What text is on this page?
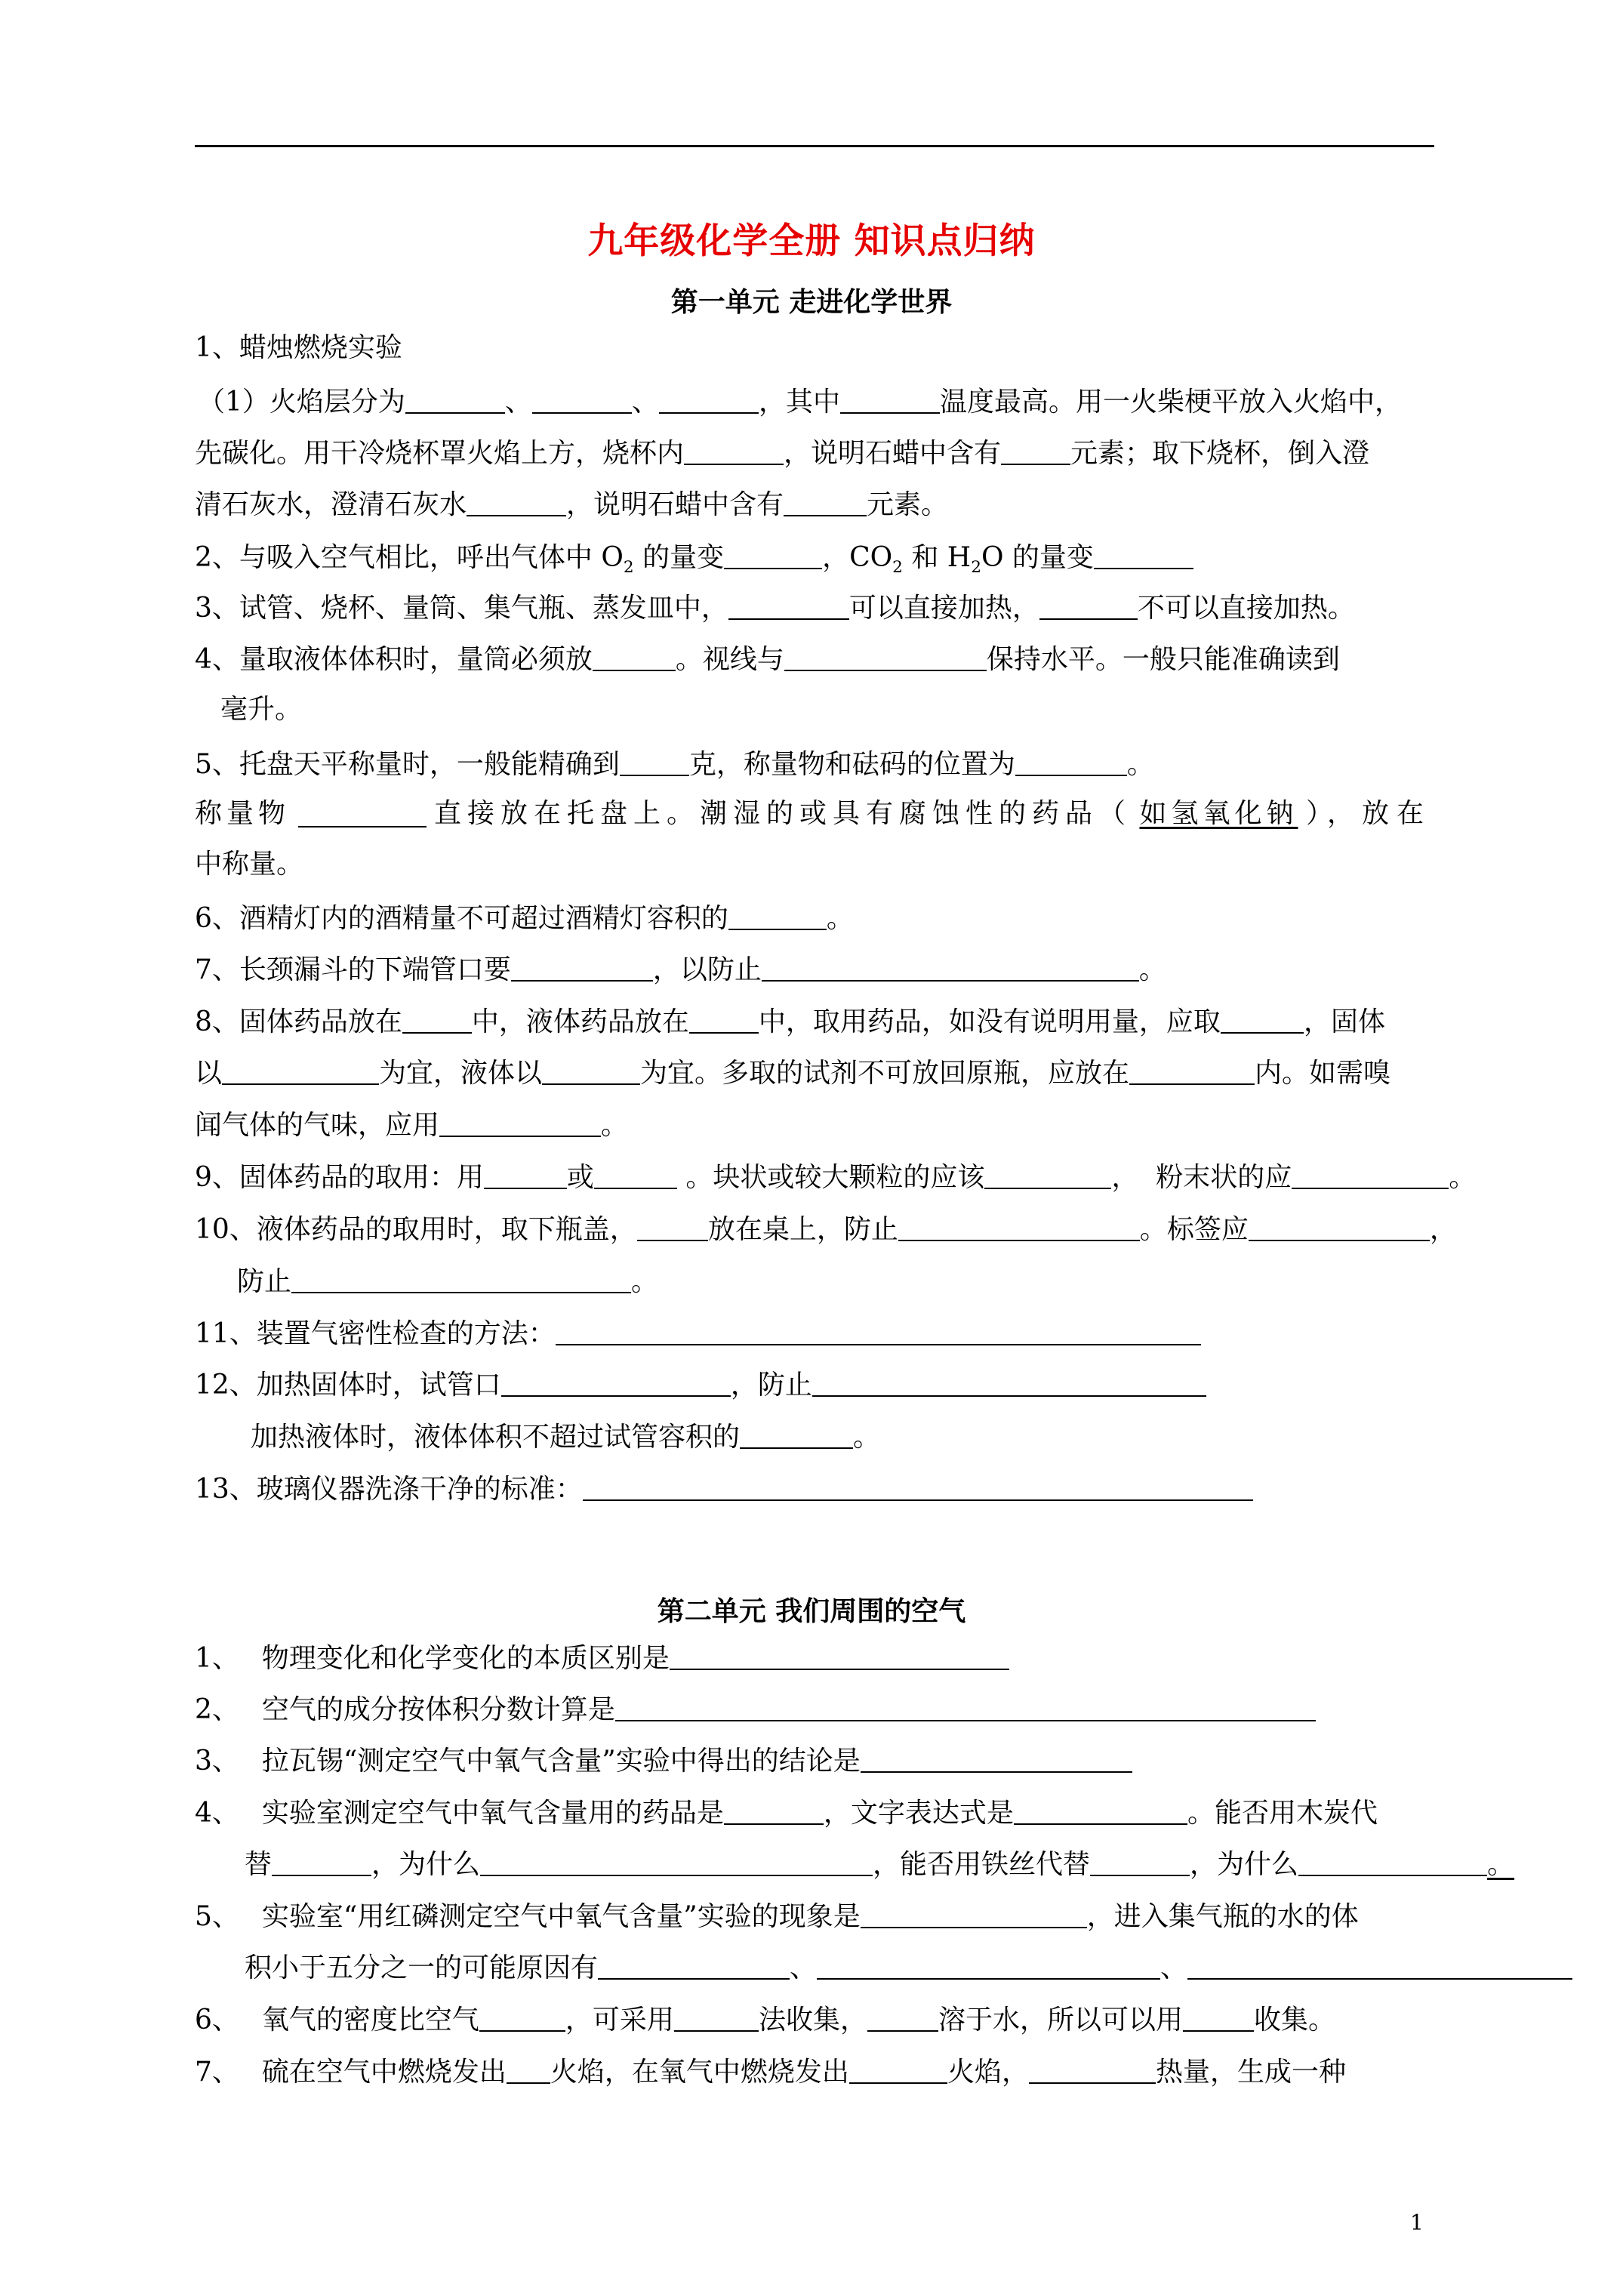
九年级化学全册 知识点归纳
第一单元 走进化学世界
1、蜡烛燃烧实验
（1）火焰层分为	、	、	，其中	温度最高。用一火柴梗平放入火焰中，
先碳化。用干冷烧杯罩火焰上方，烧杯内	，说明石蜡中含有	元素；取下烧杯，倒入澄
清石灰水，澄清石灰水	，说明石蜡中含有	元素。
2、与吸入空气相比，呼出气体中 $O_2$ 的量变	，$CO_2$ 和 $H_2O$ 的量变
3、试管、烧杯、量筒、集气瓶、蒸发皿中，	可以直接加热，	不可以直接加热。
4、量取液体体积时，量筒必须放	。视线与	保持水平。一般只能准确读到
毫升。
5、托盘天平称量时，一般能精确到	克，称量物和砝码的位置为	。
称量物	直接放在托盘上。潮湿的或具有腐蚀性的药品（ 如氢氧化钠 ），放在
中称量。
6、酒精灯内的酒精量不可超过酒精灯容积的	。
7、长颈漏斗的下端管口要	，以防止	。
8、固体药品放在	中，液体药品放在	中，取用药品，如没有说明用量，应取	，固体
以	为宜，液体以	为宜。多取的试剂不可放回原瓶，应放在	内。如需嗅
闻气体的气味，应用	。
9、固体药品的取用：用	或	。块状或较大颗粒的应该	，  粉末状的应	。
10、液体药品的取用时，取下瓶盖，	放在桌上，防止	。标签应	，
防止	。
11、装置气密性检查的方法：
12、加热固体时，试管口	，防止
加热液体时，液体体积不超过试管容积的	。
13、玻璃仪器洗涤干净的标准：
第二单元 我们周围的空气
1、 物理变化和化学变化的本质区别是
2、 空气的成分按体积分数计算是
3、 拉瓦锡“测定空气中氧气含量”实验中得出的结论是
4、 实验室测定空气中氧气含量用的药品是	，文字表达式是	。能否用木炭代
替	，为什么	，能否用铁丝代替	，为什么	。
5、 实验室“用红磷测定空气中氧气含量”实验的现象是	，进入集气瓶的水的体
积小于五分之一的可能原因有	、	、
6、 氧气的密度比空气	，可采用	法收集，	溶于水，所以可以用	收集。
7、 硫在空气中燃烧发出 火焰，在氧气中燃烧发出	火焰，	热量，生成一种
1
